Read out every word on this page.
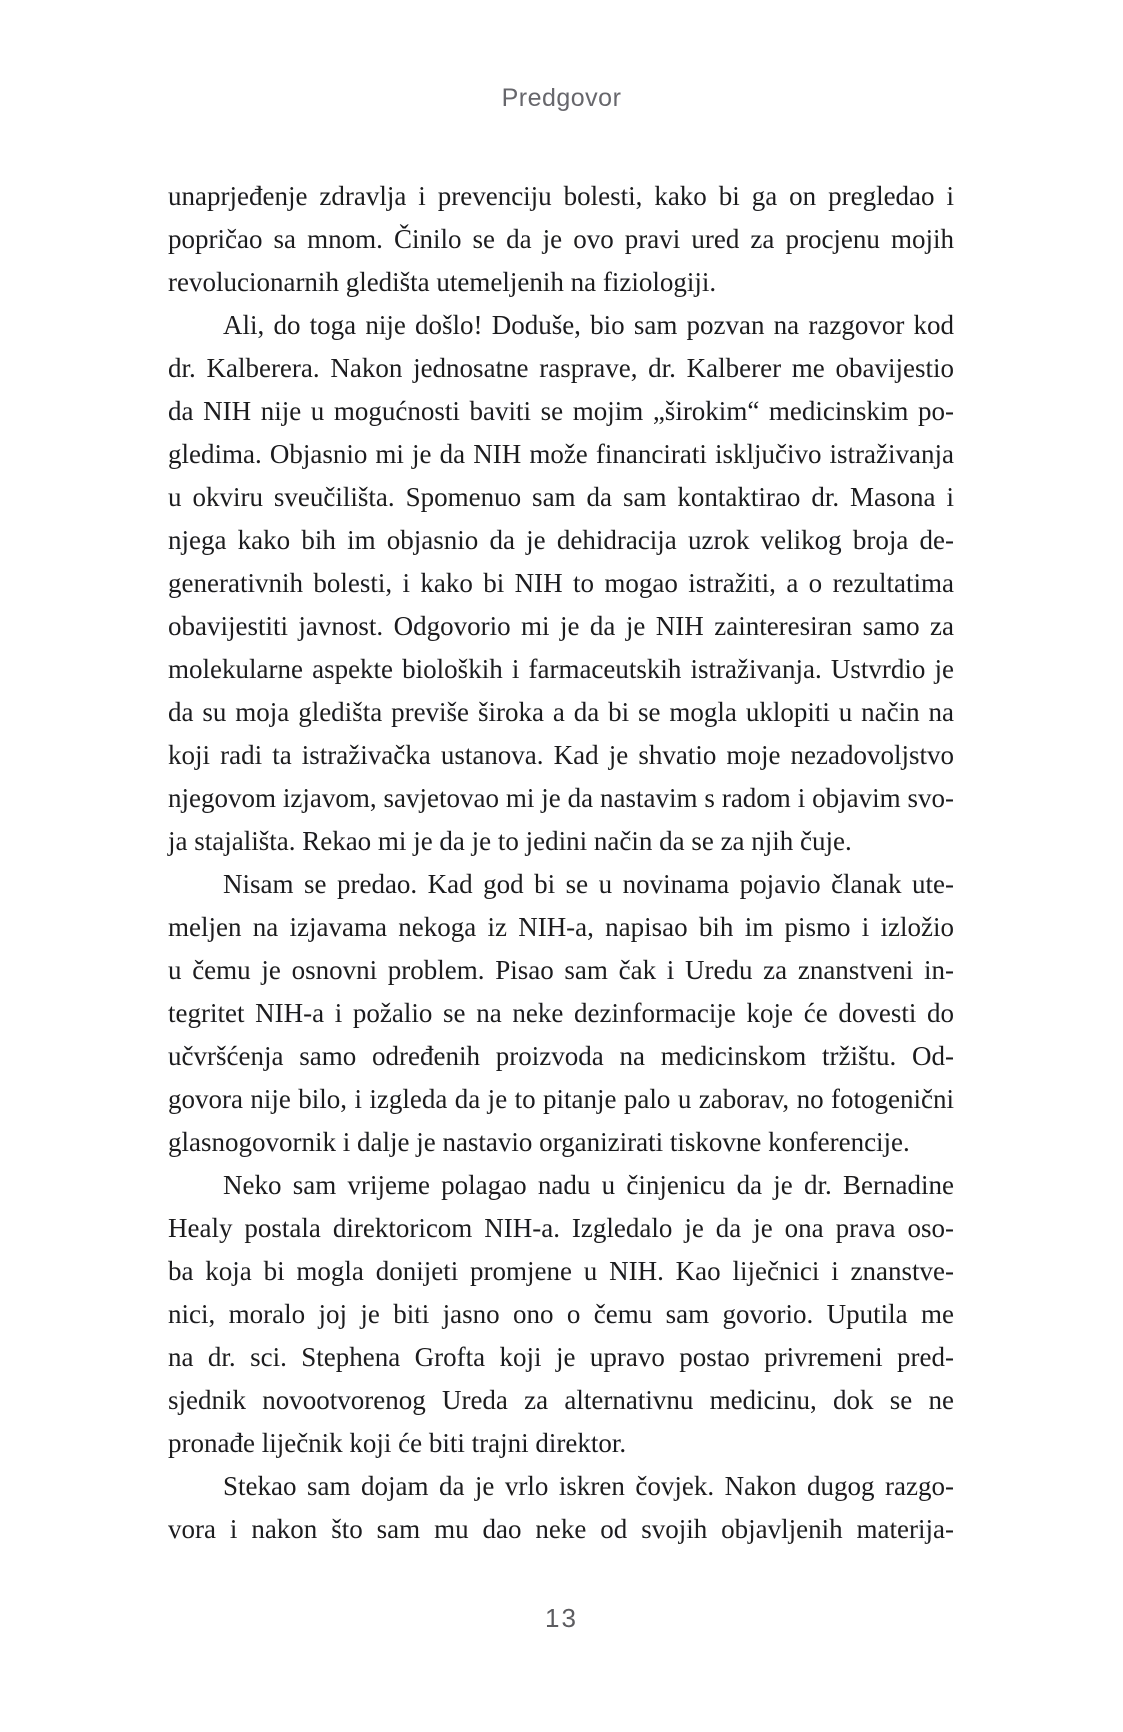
Predgovor
unaprjeđenje zdravlja i prevenciju bolesti, kako bi ga on pregledao i
popričao sa mnom. Činilo se da je ovo pravi ured za procjenu mojih
revolucionarnih gledišta utemeljenih na fiziologiji.
Ali, do toga nije došlo! Doduše, bio sam pozvan na razgovor kod
dr. Kalberera. Nakon jednosatne rasprave, dr. Kalberer me obavijestio
da NIH nije u mogućnosti baviti se mojim „širokim“ medicinskim po-
gledima. Objasnio mi je da NIH može financirati isključivo istraživanja
u okviru sveučilišta. Spomenuo sam da sam kontaktirao dr. Masona i
njega kako bih im objasnio da je dehidracija uzrok velikog broja de-
generativnih bolesti, i kako bi NIH to mogao istražiti, a o rezultatima
obavijestiti javnost. Odgovorio mi je da je NIH zainteresiran samo za
molekularne aspekte bioloških i farmaceutskih istraživanja. Ustvrdio je
da su moja gledišta previše široka a da bi se mogla uklopiti u način na
koji radi ta istraživačka ustanova. Kad je shvatio moje nezadovoljstvo
njegovom izjavom, savjetovao mi je da nastavim s radom i objavim svo-
ja stajališta. Rekao mi je da je to jedini način da se za njih čuje.
Nisam se predao. Kad god bi se u novinama pojavio članak ute-
meljen na izjavama nekoga iz NIH-a, napisao bih im pismo i izložio
u čemu je osnovni problem. Pisao sam čak i Uredu za znanstveni in-
tegritet NIH-a i požalio se na neke dezinformacije koje će dovesti do
učvršćenja samo određenih proizvoda na medicinskom tržištu. Od-
govora nije bilo, i izgleda da je to pitanje palo u zaborav, no fotogenični
glasnogovornik i dalje je nastavio organizirati tiskovne konferencije.
Neko sam vrijeme polagao nadu u činjenicu da je dr. Bernadine
Healy postala direktoricom NIH-a. Izgledalo je da je ona prava oso-
ba koja bi mogla donijeti promjene u NIH. Kao liječnici i znanstve-
nici, moralo joj je biti jasno ono o čemu sam govorio. Uputila me
na dr. sci. Stephena Grofta koji je upravo postao privremeni pred-
sjednik novootvorenog Ureda za alternativnu medicinu, dok se ne
pronađe liječnik koji će biti trajni direktor.
Stekao sam dojam da je vrlo iskren čovjek. Nakon dugog razgo-
vora i nakon što sam mu dao neke od svojih objavljenih materija-
13
